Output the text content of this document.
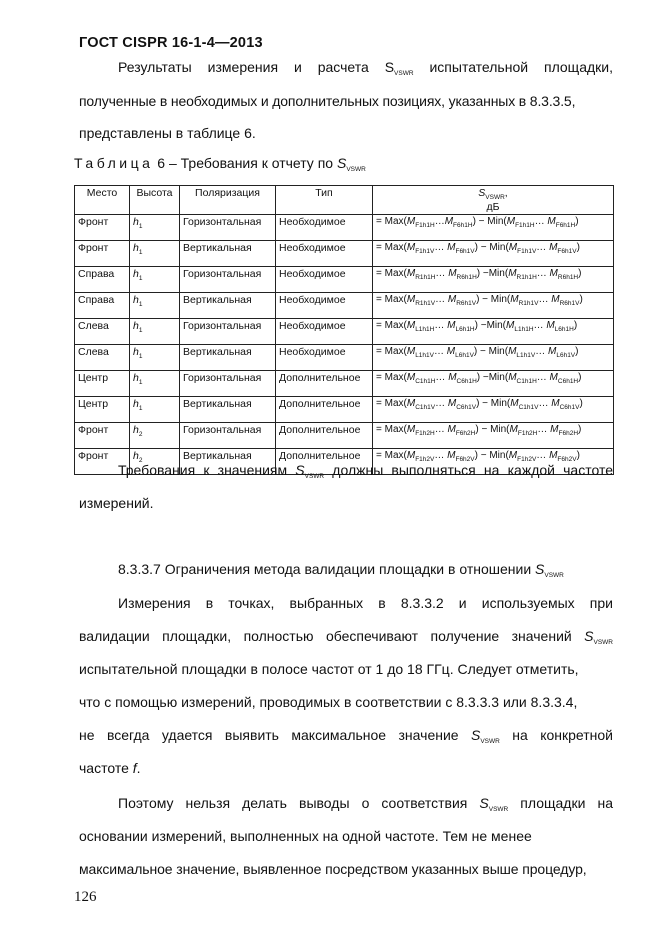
ГОСТ CISPR 16-1-4—2013
Результаты измерения и расчета $S_{VSWR}$ испытательной площадки,
полученные в необходимых и дополнительных позициях, указанных в 8.3.3.5,
представлены в таблице 6.
Таблица 6 – Требования к отчету по $S_{VSWR}$
Место	Высота	Поляризация	Тип	$S_{VSWR}$,
дБ
Фронт	$h_1$	Горизонтальная	Необходимое	= $Max(M_{F1h1H}\dots M_{F6h1H})$ − $Min(M_{F1h1H}\dots$ $M_{F6h1H}$)
Фронт	$h_1$	Вертикальная	Необходимое	= $Max(M_{F1h1V}\dots$ $M_{F6h1V}$) − $Min(M_{F1h1V}\dots$ $M_{F6h1V}$)
Справа	$h_1$	Горизонтальная	Необходимое	= $Max(M_{R1h1H}\dots$ $M_{R6h1H}$) $-Min(M_{R1h1H}\dots$ $M_{R6h1H}$)
Справа	$h_1$	Вертикальная	Необходимое	= $Max(M_{R1h1V}\dots$ $M_{R6h1V}$) − $Min(M_{R1h1V}\dots$ $M_{R6h1V}$)
Слева	$h_1$	Горизонтальная	Необходимое	= $Max(M_{L1h1H}\dots$ $M_{L6h1H}$) $-Min(M_{L1h1H}\dots$ $M_{L6h1H}$)
Слева	$h_1$	Вертикальная	Необходимое	= $Max(M_{L1h1V}\dots$ $M_{L6h1V}$) − $Min(M_{L1h1V}\dots$ $M_{L6h1V}$)
Центр	$h_1$	Горизонтальная	Дополнительное	= $Max(M_{C1h1H}\dots$ $M_{C6h1H}$) $-Min(M_{C1h1H}\dots$ $M_{C6h1H}$)
Центр	$h_1$	Вертикальная	Дополнительное	= $Max(M_{C1h1V}\dots$ $M_{C6h1V}$) − $Min(M_{C1h1V}\dots$ $M_{C6h1V}$)
Фронт	$h_2$	Горизонтальная	Дополнительное	= $Max(M_{F1h2H}\dots$ $M_{F6h2H}$) − $Min(M_{F1h2H}\dots$ $M_{F6h2H}$)
Фронт	$h_2$	Вертикальная	Дополнительное	= $Max(M_{F1h2V}\dots$ $M_{F6h2V}$) − $Min(M_{F1h2V}\dots$ $M_{F6h2V}$)
Требования к значениям $S_{VSWR}$ должны выполняться на каждой частоте
измерений.
8.3.3.7 Ограничения метода валидации площадки в отношении $S_{VSWR}$
Измерения в точках, выбранных в 8.3.3.2 и используемых при
валидации площадки, полностью обеспечивают получение значений $S_{VSWR}$
испытательной площадки в полосе частот от 1 до 18 ГГц. Следует отметить,
что с помощью измерений, проводимых в соответствии с 8.3.3.3 или 8.3.3.4,
не всегда удается выявить максимальное значение $S_{VSWR}$ на конкретной
частоте f.
Поэтому нельзя делать выводы о соответствия $S_{VSWR}$ площадки на
основании измерений, выполненных на одной частоте. Тем не менее
максимальное значение, выявленное посредством указанных выше процедур,
126
